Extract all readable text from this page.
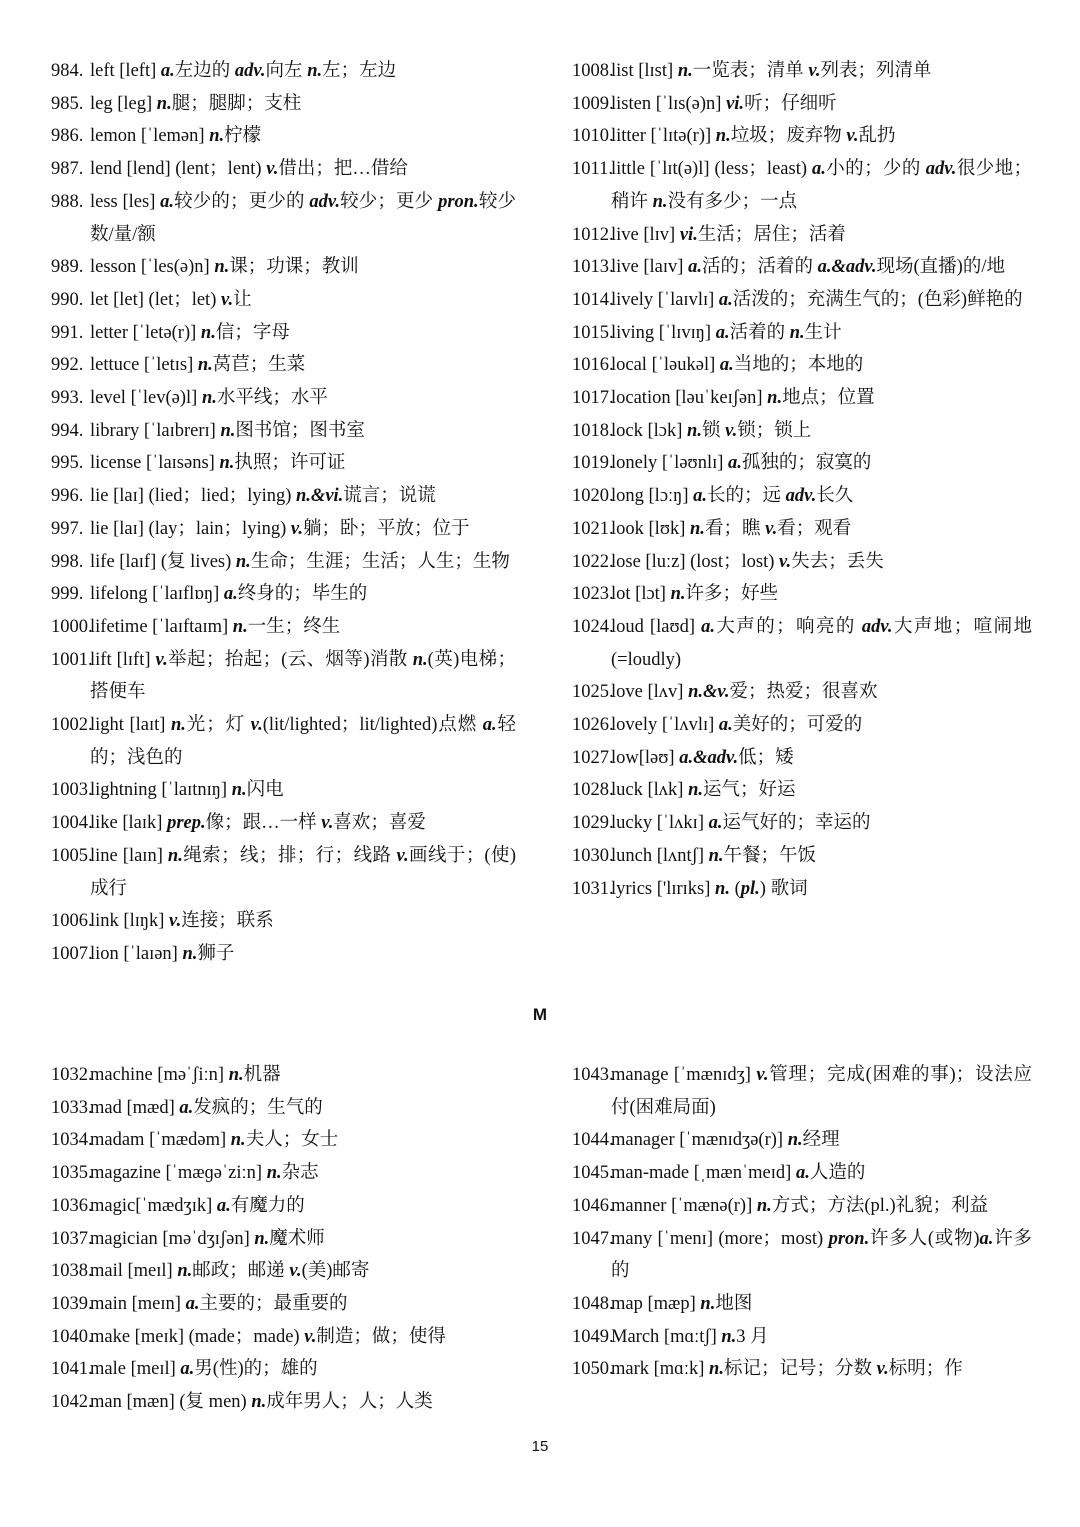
984. left [left] a.左边的 adv.向左 n.左；左边
985. leg [leg] n.腿；腿脚；支柱
986. lemon [ˈlemən] n.柠檬
987. lend [lend] (lent；lent) v.借出；把…借给
988. less [les] a.较少的；更少的 adv.较少；更少 pron.较少数/量/额
989. lesson [ˈles(ə)n] n.课；功课；教训
990. let [let] (let；let) v.让
991. letter [ˈletə(r)] n.信；字母
992. lettuce [ˈletɪs] n.莴苣；生菜
993. level [ˈlev(ə)l] n.水平线；水平
994. library [ˈlaɪbrerɪ] n.图书馆；图书室
995. license [ˈlaɪsəns] n.执照；许可证
996. lie [laɪ] (lied；lied；lying) n.&vi.谎言；说谎
997. lie [laɪ] (lay；lain；lying) v.躺；卧；平放；位于
998. life [laɪf] (复 lives) n.生命；生涯；生活；人生；生物
999. lifelong [ˈlaɪflɒŋ] a.终身的；毕生的
1000.
lifetime [ˈlaɪftaɪm] n.一生；终生
1001.
lift [lɪft] v.举起；抬起；(云、烟等)消散 n.(英)电梯；搭便车
1002.
light [laɪt] n.光；灯 v.(lit/lighted；lit/lighted)点燃 a.轻的；浅色的
1003.
lightning [ˈlaɪtnɪŋ] n.闪电
1004.
like [laɪk] prep.像；跟…一样 v.喜欢；喜爱
1005.
line [laɪn] n.绳索；线；排；行；线路 v.画线于；(使)成行
1006.
link [lɪŋk] v.连接；联系
1007.
lion [ˈlaɪən] n.狮子
1008.
list [lɪst] n.一览表；清单 v.列表；列清单
1009.
listen [ˈlɪs(ə)n] vi.听；仔细听
1010.
litter [ˈlɪtə(r)] n.垃圾；废弃物 v.乱扔
1011.
little [ˈlɪt(ə)l] (less；least) a.小的；少的 adv.很少地；稍许 n.没有多少；一点
1012.
live [lɪv] vi.生活；居住；活着
1013.
live [laɪv] a.活的；活着的 a.&adv.现场(直播)的/地
1014.
lively [ˈlaɪvlɪ] a.活泼的；充满生气的；(色彩)鲜艳的
1015.
living [ˈlɪvɪŋ] a.活着的 n.生计
1016.
local [ˈləukəl] a.当地的；本地的
1017.
location [ləuˈkeɪʃən] n.地点；位置
1018.
lock [lɔk] n.锁 v.锁；锁上
1019.
lonely [ˈləʊnlɪ] a.孤独的；寂寞的
1020.
long [lɔːŋ] a.长的；远 adv.长久
1021.
look [lʊk] n.看；瞧 v.看；观看
1022.
lose [luːz] (lost；lost) v.失去；丢失
1023.
lot [lɔt] n.许多；好些
1024.
loud [laʊd] a.大声的；响亮的 adv.大声地；喧闹地(=loudly)
1025.
love [lʌv] n.&v.爱；热爱；很喜欢
1026.
lovely [ˈlʌvlɪ] a.美好的；可爱的
1027.
low[ləʊ] a.&adv.低；矮
1028.
luck [lʌk] n.运气；好运
1029.
lucky [ˈlʌkɪ] a.运气好的；幸运的
1030.
lunch [lʌntʃ] n.午餐；午饭
1031.
lyrics ['lɪrɪks] n. (pl.) 歌词
M
1032.
machine [məˈʃiːn] n.机器
1033.
mad [mæd] a.发疯的；生气的
1034.
madam [ˈmædəm] n.夫人；女士
1035.
magazine [ˈmæɡəˈziːn] n.杂志
1036.
magic[ˈmædʒɪk] a.有魔力的
1037.
magician [məˈdʒɪʃən] n.魔术师
1038.
mail [meɪl] n.邮政；邮递 v.(美)邮寄
1039.
main [meɪn] a.主要的；最重要的
1040.
make [meɪk] (made；made) v.制造；做；使得
1041.
male [meɪl] a.男(性)的；雄的
1042.
man [mæn] (复 men) n.成年男人；人；人类
1043.
manage [ˈmænɪdʒ] v.管理；完成(困难的事)；设法应付(困难局面)
1044.
manager [ˈmænɪdʒə(r)] n.经理
1045.
man-made [ˌmænˈmeɪd] a.人造的
1046.
manner [ˈmænə(r)] n.方式；方法(pl.)礼貌；利益
1047.
many [ˈmenɪ] (more；most) pron.许多人(或物)a.许多的
1048.
map [mæp] n.地图
1049.
March [mɑːtʃ] n.3 月
1050.
mark [mɑːk] n.标记；记号；分数 v.标明；作
15
